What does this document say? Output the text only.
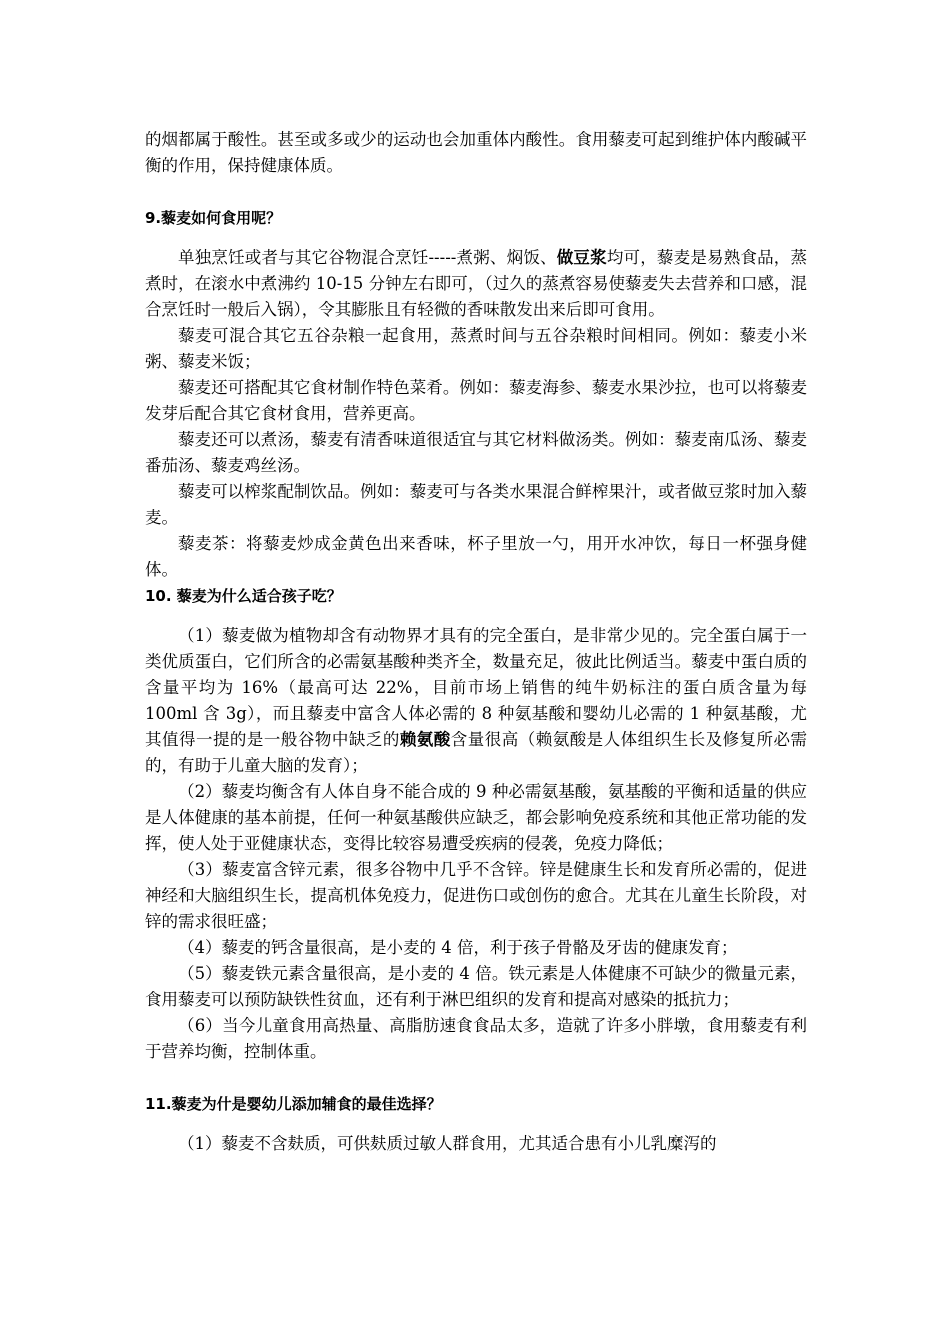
的烟都属于酸性。甚至或多或少的运动也会加重体内酸性。食用藜麦可起到维护体内酸碱平衡的作用，保持健康体质。

9.藜麦如何食用呢？

单独烹饪或者与其它谷物混合烹饪-----煮粥、焖饭、做豆浆均可，藜麦是易熟食品，蒸煮时，在滚水中煮沸约 10-15 分钟左右即可，（过久的蒸煮容易使藜麦失去营养和口感，混合烹饪时一般后入锅），令其膨胀且有轻微的香味散发出来后即可食用。

藜麦可混合其它五谷杂粮一起食用，蒸煮时间与五谷杂粮时间相同。例如：藜麦小米粥、藜麦米饭；

藜麦还可搭配其它食材制作特色菜肴。例如：藜麦海参、藜麦水果沙拉，也可以将藜麦发芽后配合其它食材食用，营养更高。

藜麦还可以煮汤，藜麦有清香味道很适宜与其它材料做汤类。例如：藜麦南瓜汤、藜麦番茄汤、藜麦鸡丝汤。

藜麦可以榨浆配制饮品。例如：藜麦可与各类水果混合鲜榨果汁，或者做豆浆时加入藜麦。

藜麦茶：将藜麦炒成金黄色出来香味，杯子里放一勺，用开水冲饮，每日一杯强身健体。

10. 藜麦为什么适合孩子吃？

（1）藜麦做为植物却含有动物界才具有的完全蛋白，是非常少见的。完全蛋白属于一类优质蛋白，它们所含的必需氨基酸种类齐全，数量充足，彼此比例适当。藜麦中蛋白质的含量平均为 16%（最高可达 22%，目前市场上销售的纯牛奶标注的蛋白质含量为每 100ml 含 3g），而且藜麦中富含人体必需的 8 种氨基酸和婴幼儿必需的 1 种氨基酸，尤其值得一提的是一般谷物中缺乏的赖氨酸含量很高（赖氨酸是人体组织生长及修复所必需的，有助于儿童大脑的发育）；

（2）藜麦均衡含有人体自身不能合成的 9 种必需氨基酸，氨基酸的平衡和适量的供应是人体健康的基本前提，任何一种氨基酸供应缺乏，都会影响免疫系统和其他正常功能的发挥，使人处于亚健康状态，变得比较容易遭受疾病的侵袭，免疫力降低；

（3）藜麦富含锌元素，很多谷物中几乎不含锌。锌是健康生长和发育所必需的，促进神经和大脑组织生长，提高机体免疫力，促进伤口或创伤的愈合。尤其在儿童生长阶段，对锌的需求很旺盛；

（4）藜麦的钙含量很高，是小麦的 4 倍，利于孩子骨骼及牙齿的健康发育；

（5）藜麦铁元素含量很高，是小麦的 4 倍。铁元素是人体健康不可缺少的微量元素，食用藜麦可以预防缺铁性贫血，还有利于淋巴组织的发育和提高对感染的抵抗力；

（6）当今儿童食用高热量、高脂肪速食食品太多，造就了许多小胖墩，食用藜麦有利于营养均衡，控制体重。

11.藜麦为什是婴幼儿添加辅食的最佳选择？

（1）藜麦不含麸质，可供麸质过敏人群食用，尤其适合患有小儿乳糜泻的
